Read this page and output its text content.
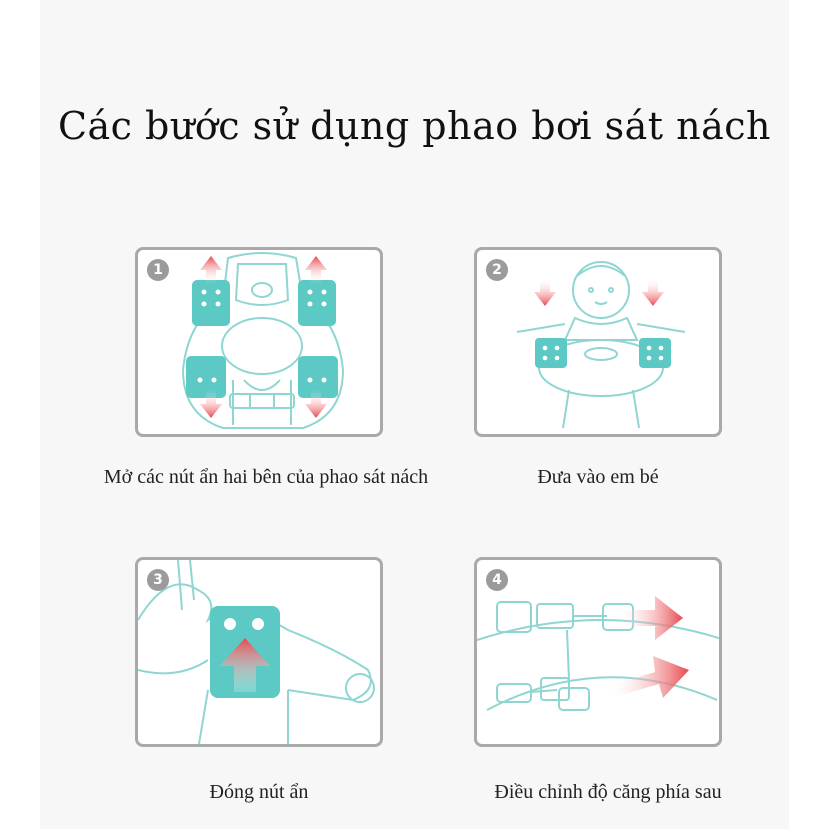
Các bước sử dụng phao bơi sát nách
1
Mở các nút ẩn hai bên của phao sát nách
2
Đưa vào em bé
3
Đóng nút ẩn
4
Điều chỉnh độ căng phía sau
